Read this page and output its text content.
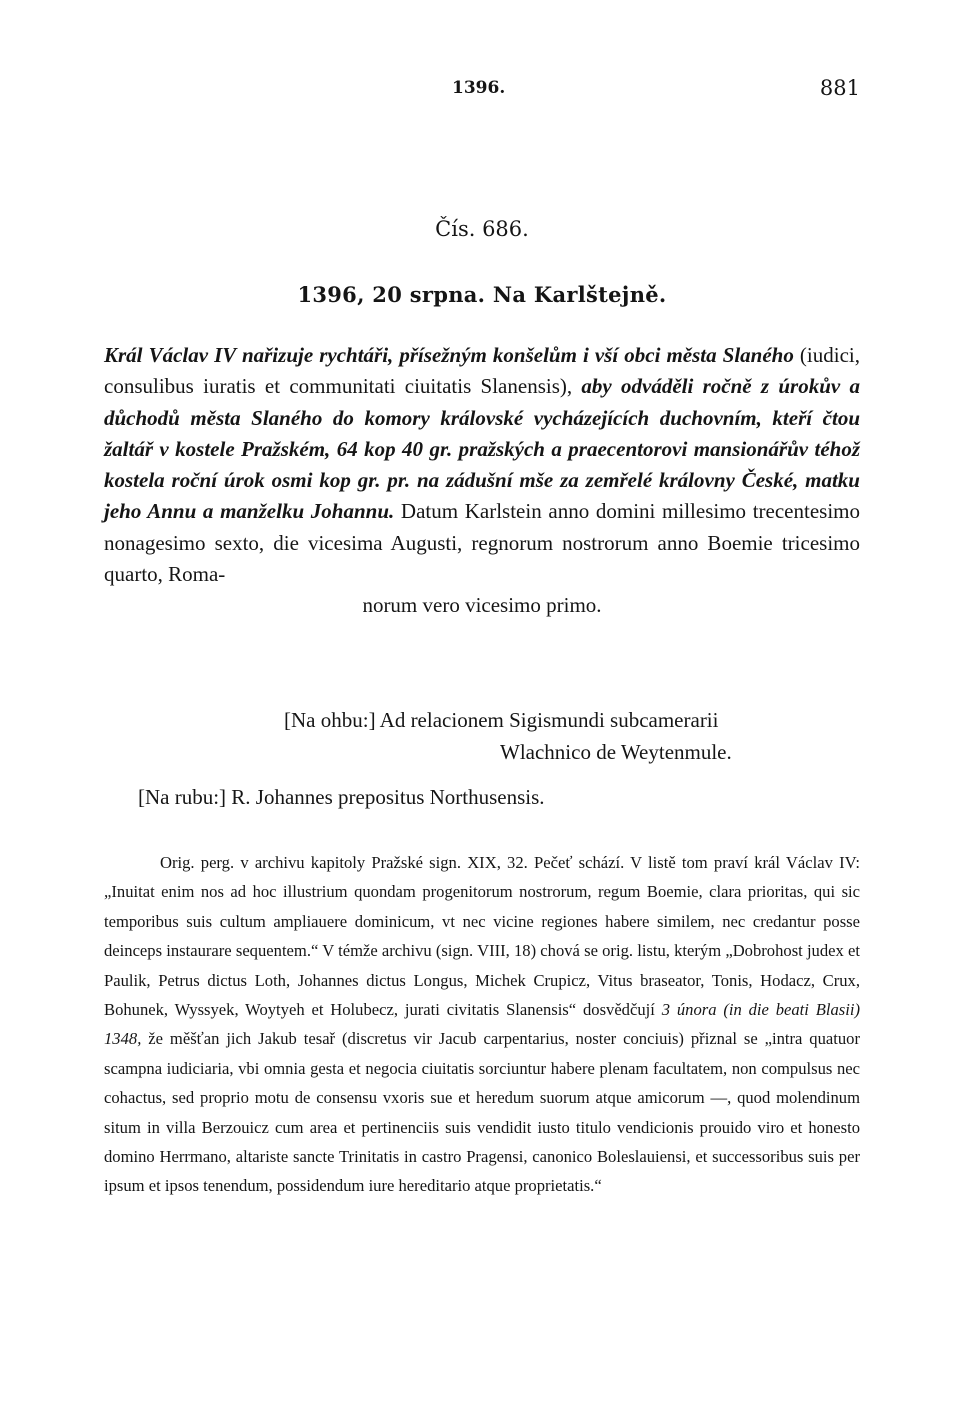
1396.	881
Čís. 686.
1396, 20 srpna. Na Karlštejně.

Král Václav IV nařizuje rychtáři, přísežným konšelům i vší obci města Slaného (iudici, consulibus iuratis et communitati ciuitatis Slanensis), aby odváděli ročně z úrokův a důchodů města Slaného do komory královské vycházejících duchovním, kteří čtou žaltář v kostele Pražském, 64 kop 40 gr. pražských a praecentorovi mansionářův téhož kostela roční úrok osmi kop gr. pr. na zádušní mše za zemřelé královny České, matku jeho Annu a manželku Johannu. Datum Karlstein anno domini millesimo trecentesimo nonagesimo sexto, die vicesima Augusti, regnorum nostrorum anno Boemie tricesimo quarto, Roma-
norum vero vicesimo primo.

[Na ohbu:] Ad relacionem Sigismundi subcamerarii
Wlachnico de Weytenmule.
[Na rubu:] R. Johannes prepositus Northusensis.

Orig. perg. v archivu kapitoly Pražské sign. XIX, 32. Pečeť schází. V listě tom praví král Václav IV: „Inuitat enim nos ad hoc illustrium quondam progenitorum nostrorum, regum Boemie, clara prioritas, qui sic temporibus suis cultum ampliauere dominicum, vt nec vicine regiones habere similem, nec credantur posse deinceps instaurare sequentem.“ V témže archivu (sign. VIII, 18) chová se orig. listu, kterým „Dobrohost judex et Paulik, Petrus dictus Loth, Johannes dictus Longus, Michek Crupicz, Vitus braseator, Tonis, Hodacz, Crux, Bohunek, Wyssyek, Woytyeh et Holubecz, jurati civitatis Slanensis“ dosvědčují 3 února (in die beati Blasii) 1348, že měšťan jich Jakub tesař (discretus vir Jacub carpentarius, noster conciuis) přiznal se „intra quatuor scampna iudiciaria, vbi omnia gesta et negocia ciuitatis sorciuntur habere plenam facultatem, non compulsus nec cohactus, sed proprio motu de consensu vxoris sue et heredum suorum atque amicorum —, quod molendinum situm in villa Berzouicz cum area et pertinenciis suis vendidit iusto titulo vendicionis prouido viro et honesto domino Herrmano, altariste sancte Trinitatis in castro Pragensi, canonico Boleslauiensi, et successoribus suis per ipsum et ipsos tenendum, possidendum iure hereditario atque proprietatis.“
